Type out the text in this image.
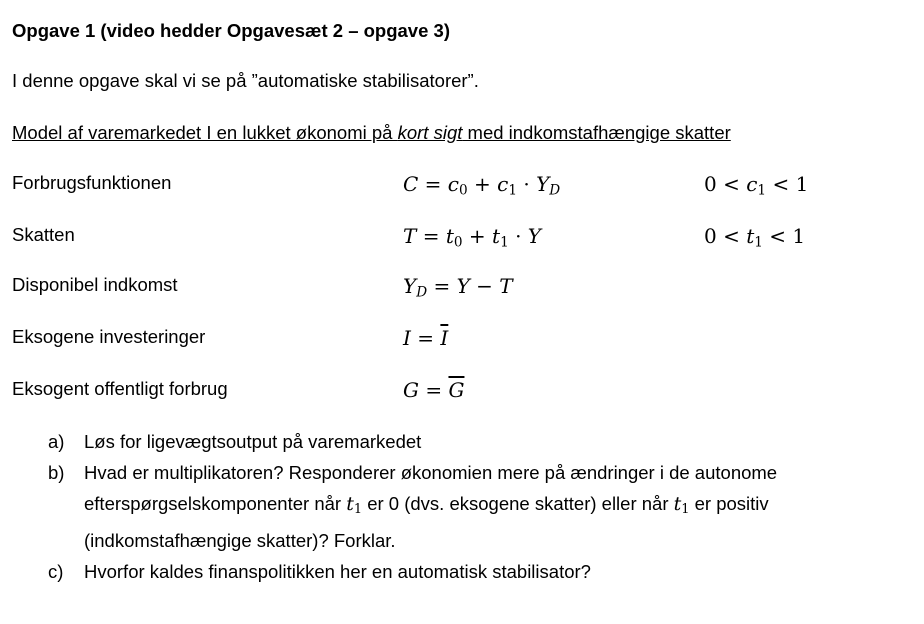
Opgave 1 (video hedder Opgavesæt 2 – opgave 3)
I denne opgave skal vi se på ”automatiske stabilisatorer”.
Model af varemarkedet I en lukket økonomi på kort sigt med indkomstafhængige skatter
Forbrugsfunktionen	$C = c_0 + c_1$ · YD	$0 < c_1 < 1$
Skatten	$T = t_0 + t_1 \cdot Y$	$0 < t_1 < 1$
Disponibel indkomst	YD = Y − T
Eksogene investeringer	$I = \overline{I}$
Eksogent offentligt forbrug	$G = \overline{G}$
a) Løs for ligevægtsoutput på varemarkedet
b) Hvad er multiplikatoren? Responderer økonomien mere på ændringer i de autonome
efterspørgselskomponenter når $t_1$ er 0 (dvs. eksogene skatter) eller når $t_1$ er positiv
(indkomstafhængige skatter)? Forklar.
c) Hvorfor kaldes finanspolitikken her en automatisk stabilisator?
